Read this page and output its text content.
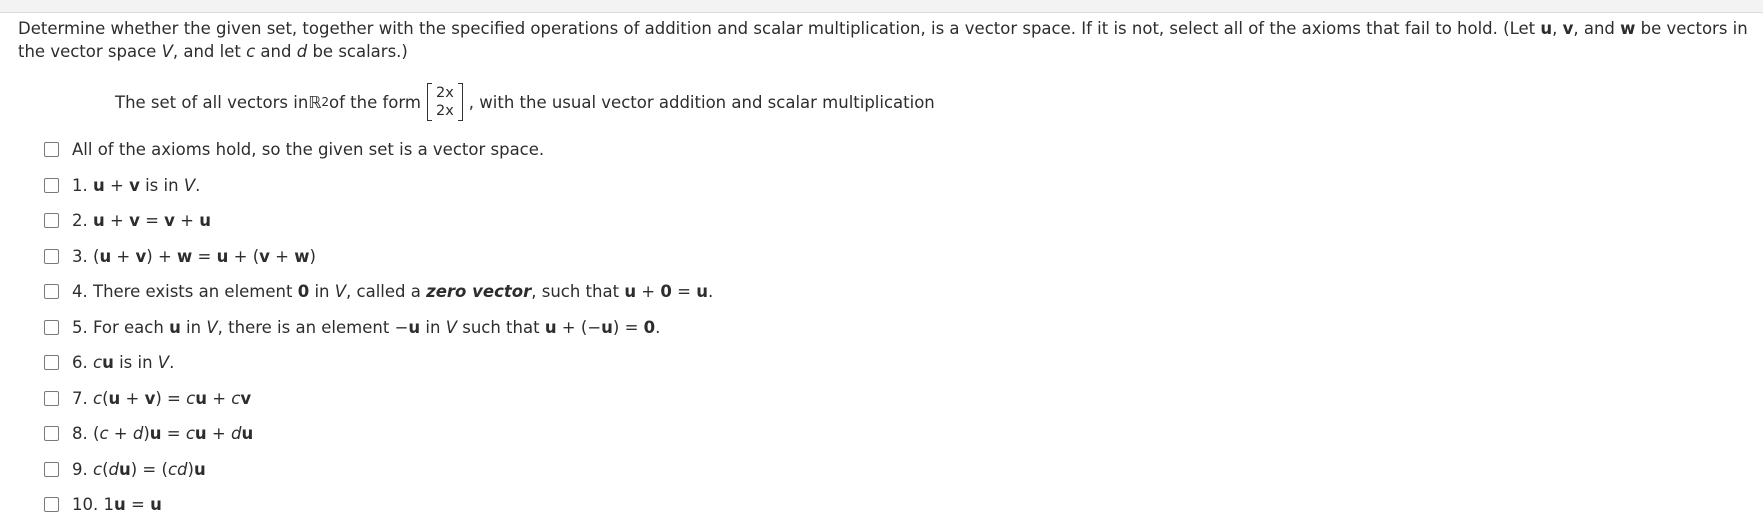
Determine whether the given set, together with the specified operations of addition and scalar multiplication, is a vector space. If it is not, select all of the axioms that fail to hold. (Let u, v, and w be vectors in the vector space V, and let c and d be scalars.)
The set of all vectors in ℝ 2 of the form 2x
2x , with the usual vector addition and scalar multiplication
All of the axioms hold, so the given set is a vector space.
1. u + v is in V.
2. u + v = v + u
3. (u + v) + w = u + (v + w)
4. There exists an element 0 in V, called a zero vector, such that u + 0 = u.
5. For each u in V, there is an element −u in V such that u + (−u) = 0.
6. cu is in V.
7. c(u + v) = cu + cv
8. (c + d)u = cu + du
9. c(du) = (cd)u
10. 1u = u
